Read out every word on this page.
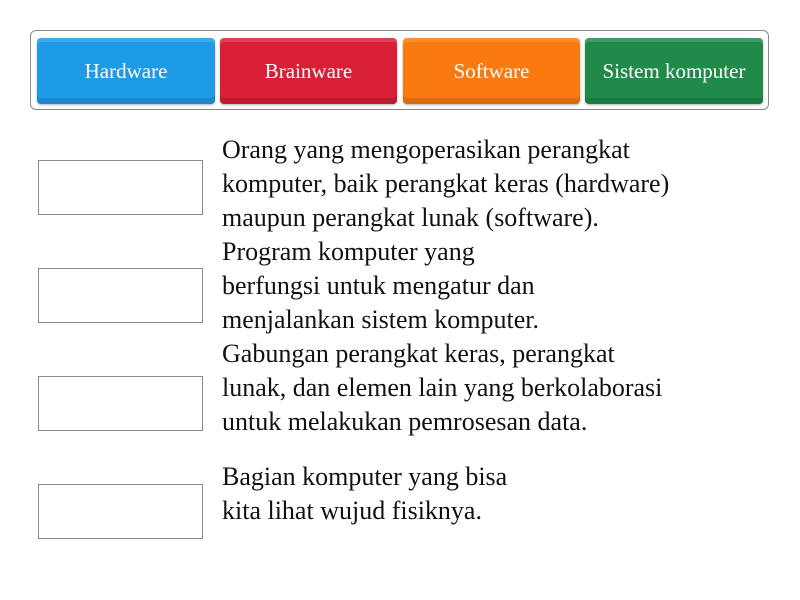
Hardware	Brainware	Software	Sistem komputer
Orang yang mengoperasikan perangkat
komputer, baik perangkat keras (hardware)
maupun perangkat lunak (software).
Program komputer yang
berfungsi untuk mengatur dan
menjalankan sistem komputer.
Gabungan perangkat keras, perangkat
lunak, dan elemen lain yang berkolaborasi
untuk melakukan pemrosesan data.
Bagian komputer yang bisa
kita lihat wujud fisiknya.
